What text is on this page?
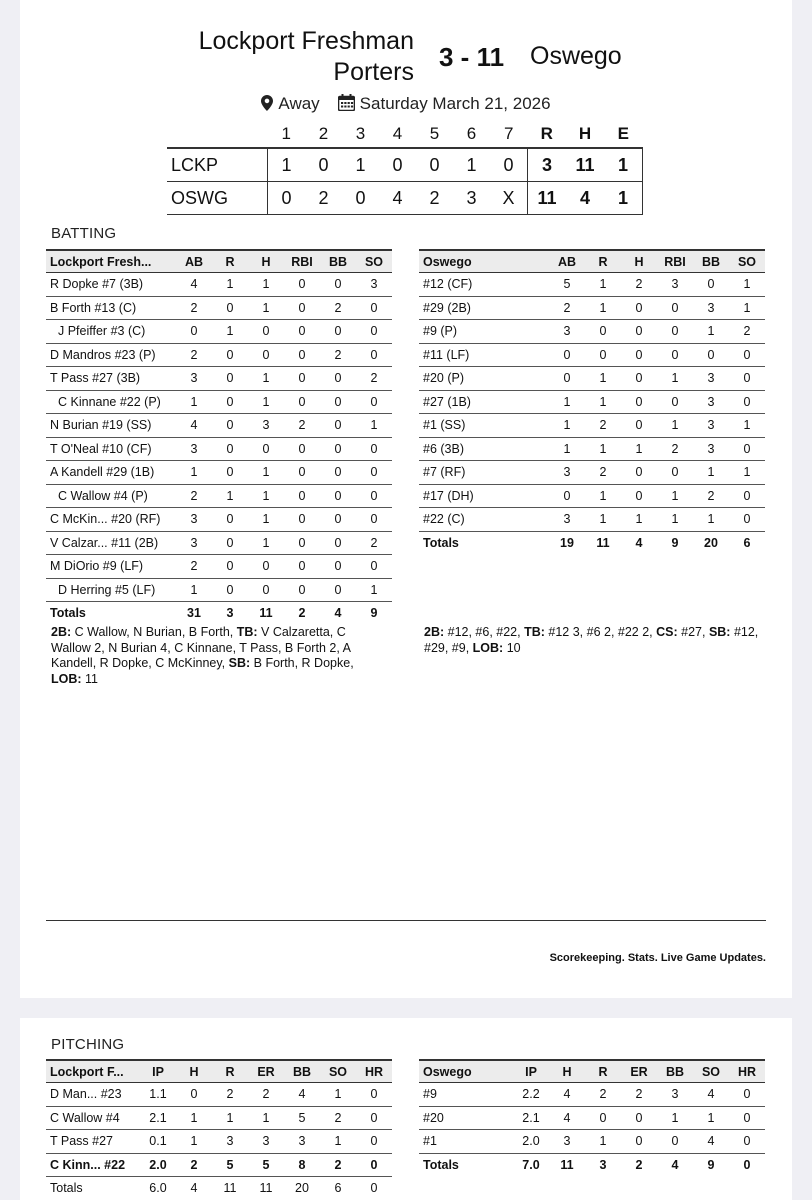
Lockport Freshman
Porters 3 - 11 Oswego
Away Saturday March 21, 2026
	1	2	3	4	5	6	7	R	H	E
LCKP	1	0	1	0	0	1	0	3	11	1
OSWG	0	2	0	4	2	3	X	11	4	1
BATTING
Lockport Fresh...	AB	R	H	RBI	BB	SO
R Dopke #7 (3B)	4	1	1	0	0	3
B Forth #13 (C)	2	0	1	0	2	0
J Pfeiffer #3 (C)	0	1	0	0	0	0
D Mandros #23 (P)	2	0	0	0	2	0
T Pass #27 (3B)	3	0	1	0	0	2
C Kinnane #22 (P)	1	0	1	0	0	0
N Burian #19 (SS)	4	0	3	2	0	1
T O'Neal #10 (CF)	3	0	0	0	0	0
A Kandell #29 (1B)	1	0	1	0	0	0
C Wallow #4 (P)	2	1	1	0	0	0
C McKin... #20 (RF)	3	0	1	0	0	0
V Calzar... #11 (2B)	3	0	1	0	0	2
M DiOrio #9 (LF)	2	0	0	0	0	0
D Herring #5 (LF)	1	0	0	0	0	1
Totals	31	3	11	2	4	9
Oswego	AB	R	H	RBI	BB	SO
#12 (CF)	5	1	2	3	0	1
#29 (2B)	2	1	0	0	3	1
#9 (P)	3	0	0	0	1	2
#11 (LF)	0	0	0	0	0	0
#20 (P)	0	1	0	1	3	0
#27 (1B)	1	1	0	0	3	0
#1 (SS)	1	2	0	1	3	1
#6 (3B)	1	1	1	2	3	0
#7 (RF)	3	2	0	0	1	1
#17 (DH)	0	1	0	1	2	0
#22 (C)	3	1	1	1	1	0
Totals	19	11	4	9	20	6
2B: C Wallow, N Burian, B Forth, TB: V Calzaretta, C Wallow 2, N Burian 4, C Kinnane, T Pass, B Forth 2, A Kandell, R Dopke, C McKinney, SB: B Forth, R Dopke, LOB: 11
2B: #12, #6, #22, TB: #12 3, #6 2, #22 2, CS: #27, SB: #12, #29, #9, LOB: 10
Scorekeeping. Stats. Live Game Updates.
PITCHING
Lockport F...	IP	H	R	ER	BB	SO	HR
D Man... #23	1.1	0	2	2	4	1	0
C Wallow #4	2.1	1	1	1	5	2	0
T Pass #27	0.1	1	3	3	3	1	0
C Kinn... #22	2.0	2	5	5	8	2	0
Totals	6.0	4	11	11	20	6	0
Oswego	IP	H	R	ER	BB	SO	HR
#9	2.2	4	2	2	3	4	0
#20	2.1	4	0	0	1	1	0
#1	2.0	3	1	0	0	4	0
Totals	7.0	11	3	2	4	9	0
